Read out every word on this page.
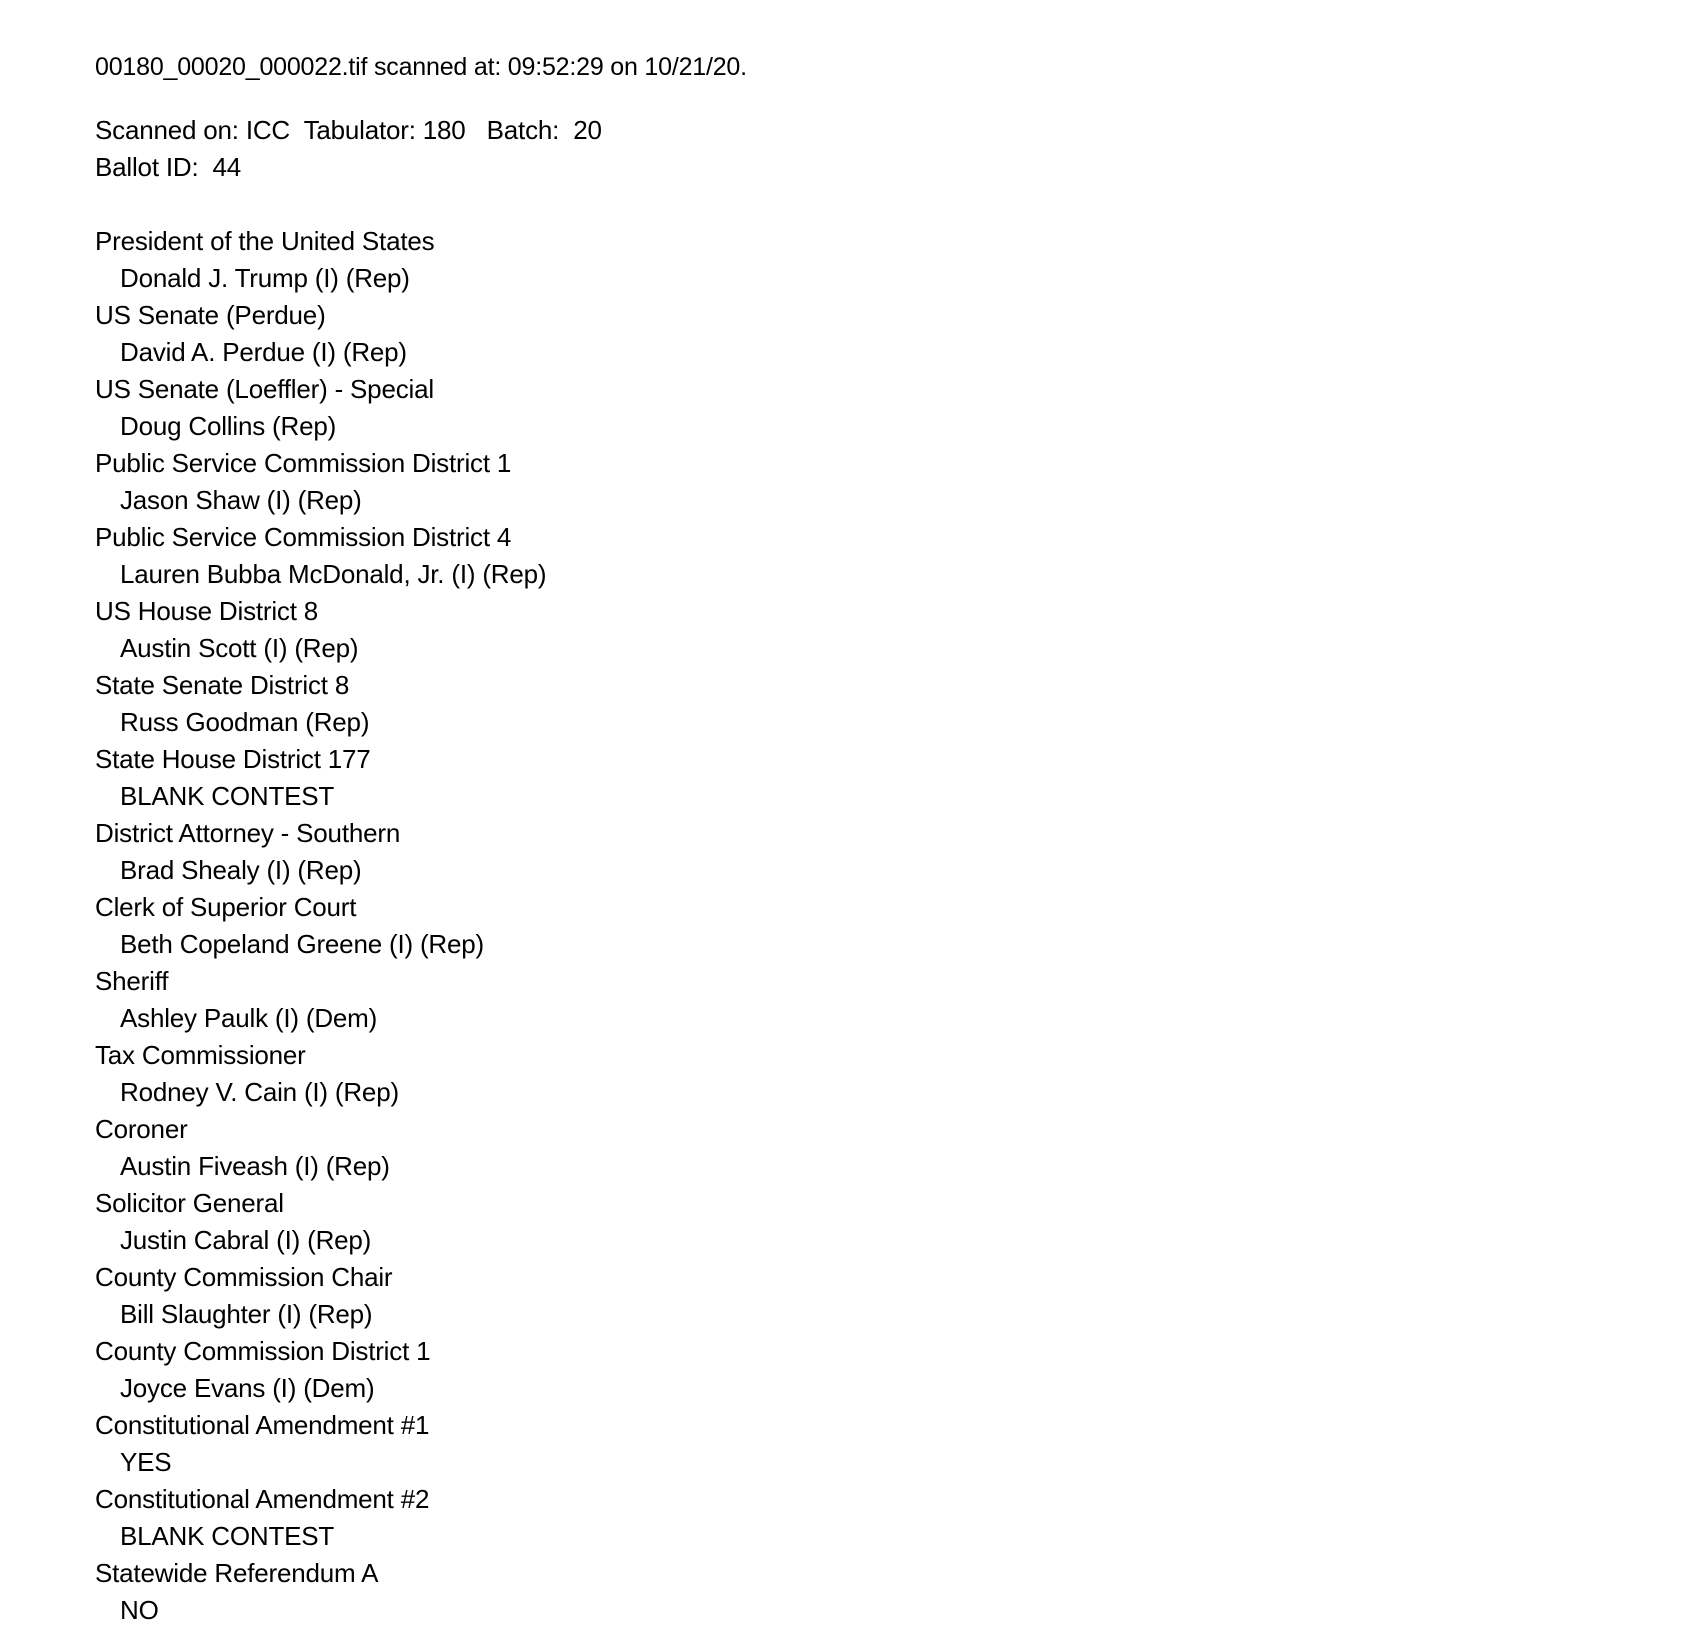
00180_00020_000022.tif scanned at: 09:52:29 on 10/21/20.
Scanned on: ICC  Tabulator: 180   Batch:  20
Ballot ID:  44
President of the United States
Donald J. Trump (I) (Rep)
US Senate (Perdue)
David A. Perdue (I) (Rep)
US Senate (Loeffler) - Special
Doug Collins (Rep)
Public Service Commission District 1
Jason Shaw (I) (Rep)
Public Service Commission District 4
Lauren Bubba McDonald, Jr. (I) (Rep)
US House District 8
Austin Scott (I) (Rep)
State Senate District 8
Russ Goodman (Rep)
State House District 177
BLANK CONTEST
District Attorney - Southern
Brad Shealy (I) (Rep)
Clerk of Superior Court
Beth Copeland Greene (I) (Rep)
Sheriff
Ashley Paulk (I) (Dem)
Tax Commissioner
Rodney V. Cain (I) (Rep)
Coroner
Austin Fiveash (I) (Rep)
Solicitor General
Justin Cabral (I) (Rep)
County Commission Chair
Bill Slaughter (I) (Rep)
County Commission District 1
Joyce Evans (I) (Dem)
Constitutional Amendment #1
YES
Constitutional Amendment #2
BLANK CONTEST
Statewide Referendum A
NO
